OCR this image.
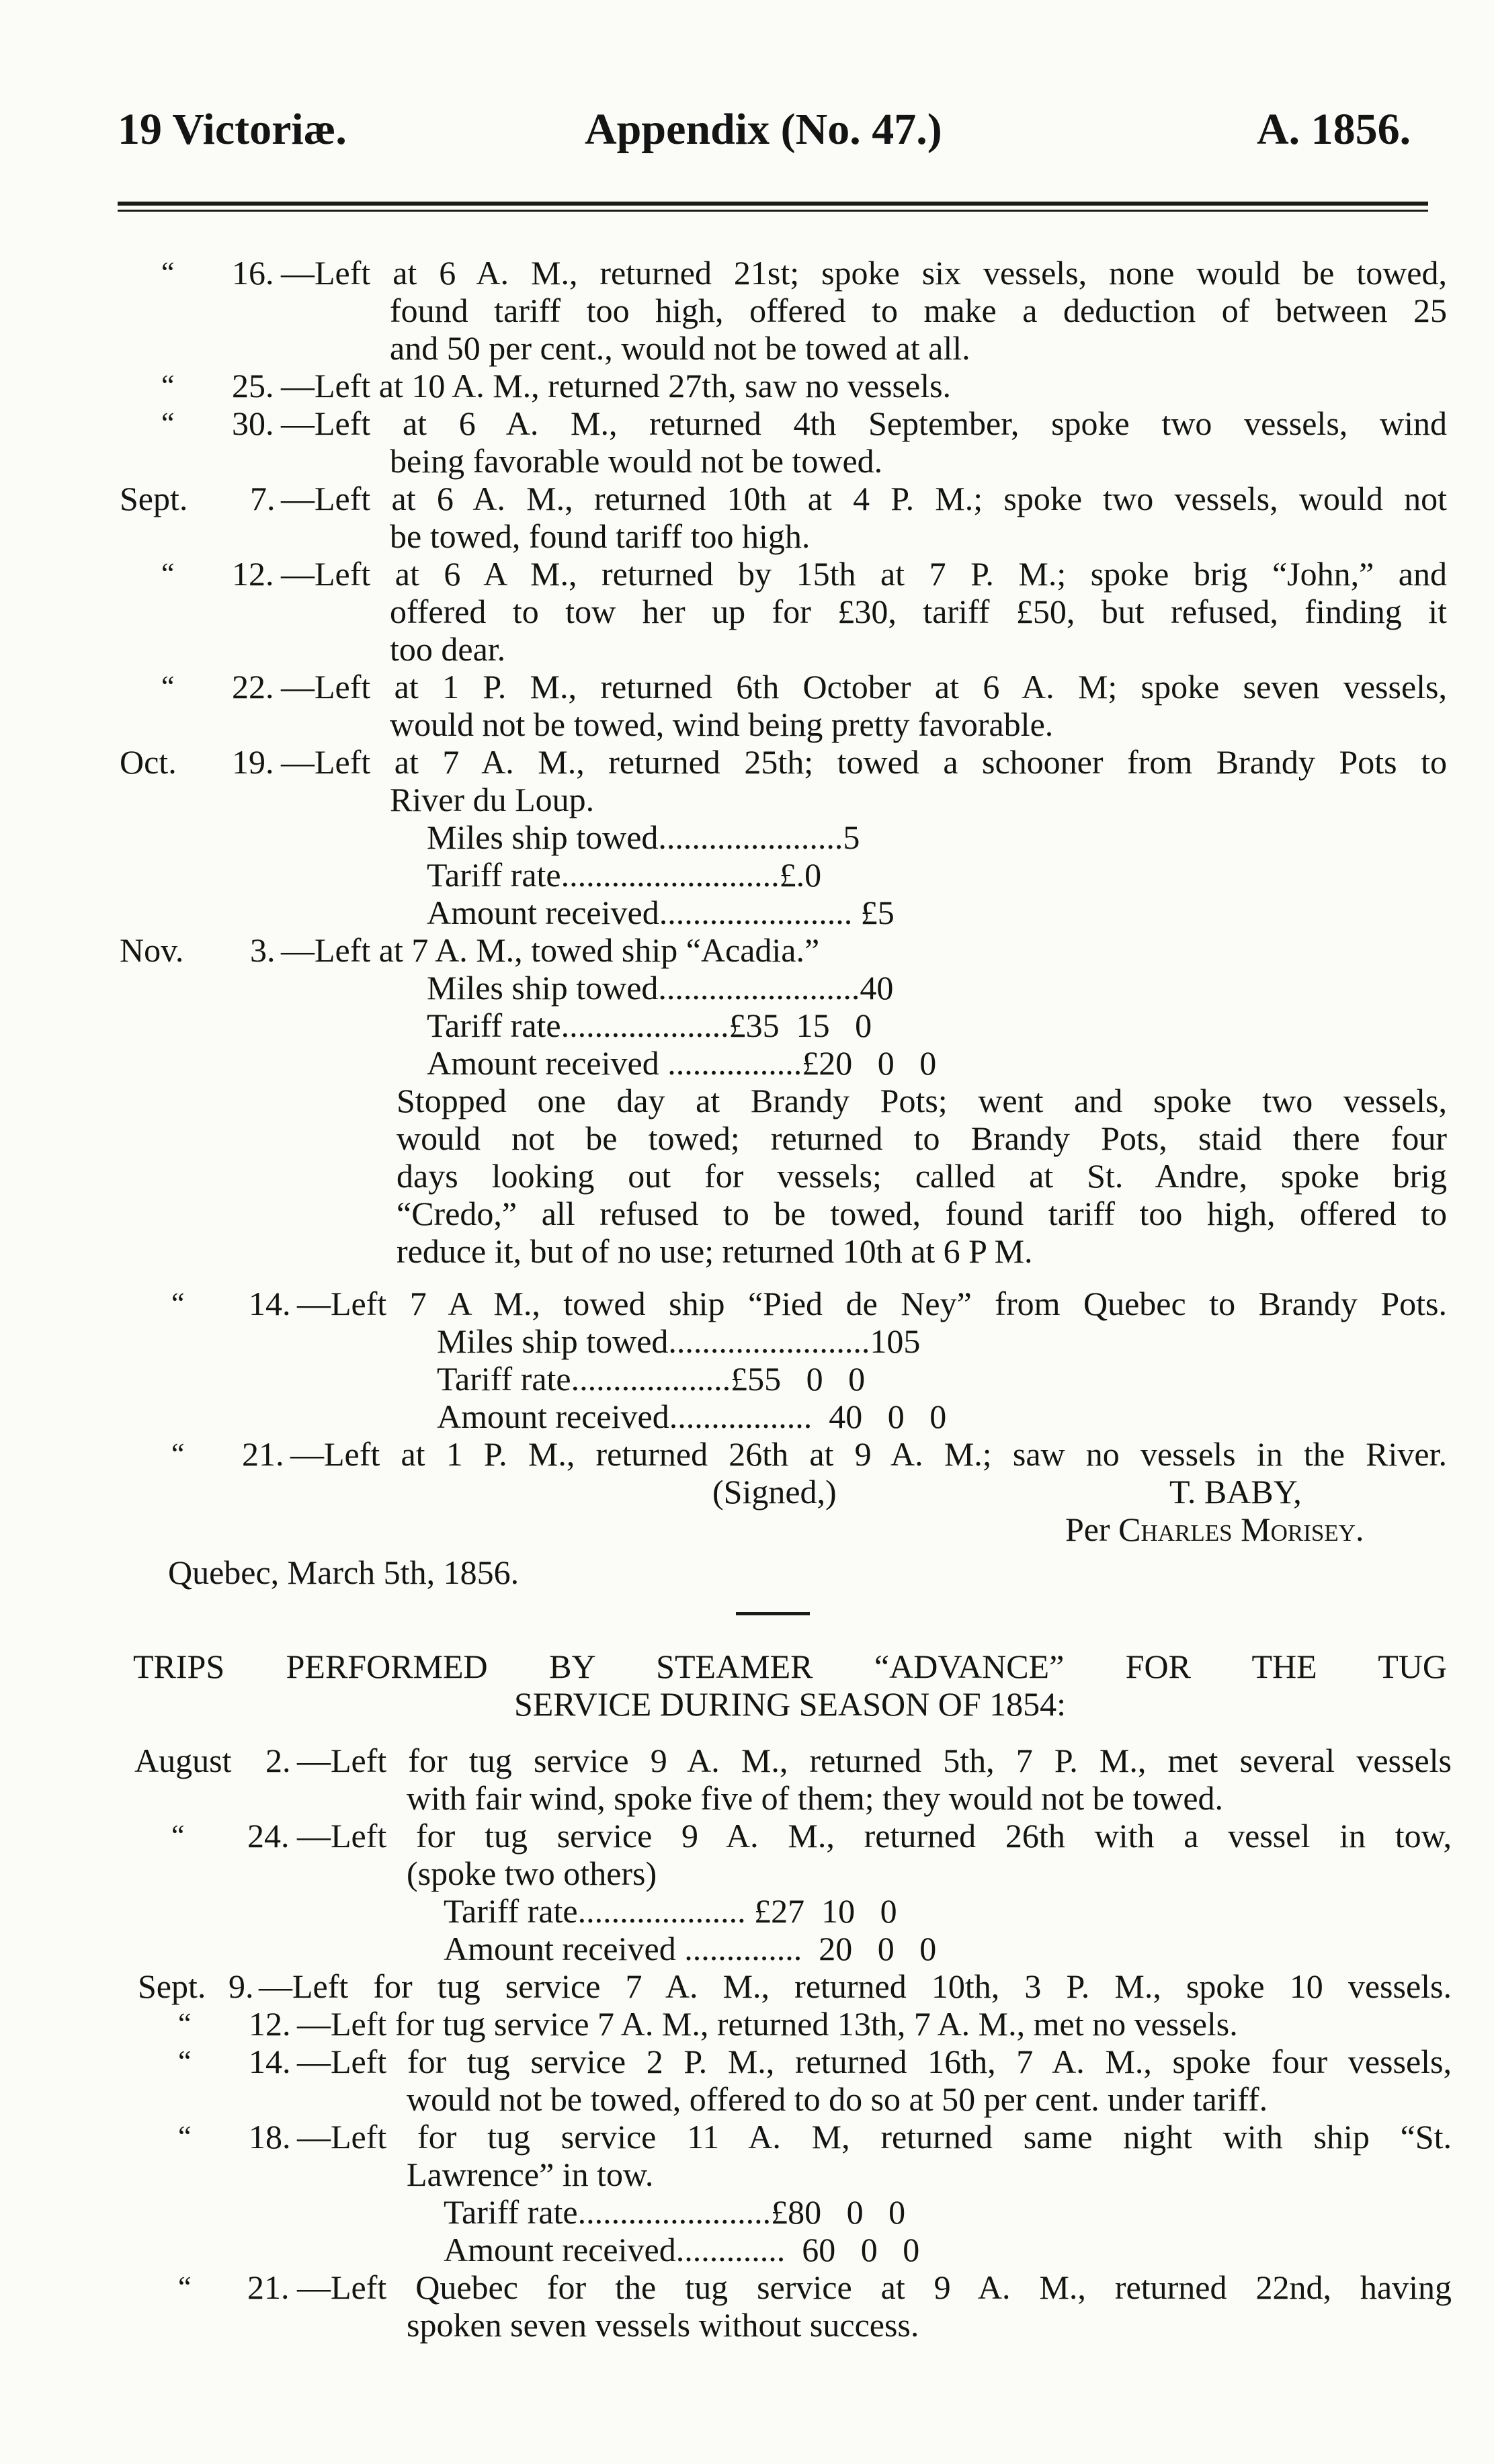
19 Victoriæ.	Appendix (No. 47.)	A. 1856.
“ 16. —Left at 6 A. M., returned 21st; spoke six vessels, none would be towed,
found tariff too high, offered to make a deduction of between 25
and 50 per cent., would not be towed at all.
“ 25. —Left at 10 A. M., returned 27th, saw no vessels.
“ 30. —Left at 6 A. M., returned 4th September, spoke two vessels, wind
being favorable would not be towed.
Sept. 7. —Left at 6 A. M., returned 10th at 4 P. M.; spoke two vessels, would not
be towed, found tariff too high.
“ 12. —Left at 6 A M., returned by 15th at 7 P. M.; spoke brig “John,” and
offered to tow her up for £30, tariff £50, but refused, finding it
too dear.
“ 22. —Left at 1 P. M., returned 6th October at 6 A. M; spoke seven vessels,
would not be towed, wind being pretty favorable.
Oct. 19. —Left at 7 A. M., returned 25th; towed a schooner from Brandy Pots to
River du Loup.
Miles ship towed......................5
Tariff rate..........................£.0
Amount received....................... £5
Nov. 3. —Left at 7 A. M., towed ship “Acadia.”
Miles ship towed........................40
Tariff rate....................£35  15   0
Amount received ................£20   0   0
Stopped one day at Brandy Pots; went and spoke two vessels,
would not be towed; returned to Brandy Pots, staid there four
days looking out for vessels; called at St. Andre, spoke brig
“Credo,” all refused to be towed, found tariff too high, offered to
reduce it, but of no use; returned 10th at 6 P M.
“ 14. —Left 7 A M., towed ship “Pied de Ney” from Quebec to Brandy Pots.
Miles ship towed........................105
Tariff rate...................£55   0   0
Amount received.................  40   0   0
“ 21. —Left at 1 P. M., returned 26th at 9 A. M.; saw no vessels in the River.
(Signed,)	T. BABY,
Per Charles Morisey.
Quebec, March 5th, 1856.
TRIPS PERFORMED BY STEAMER “ADVANCE” FOR THE TUG
SERVICE DURING SEASON OF 1854:
August 2. —Left for tug service 9 A. M., returned 5th, 7 P. M., met several vessels
with fair wind, spoke five of them; they would not be towed.
“ 24. —Left for tug service 9 A. M., returned 26th with a vessel in tow,
(spoke two others)
Tariff rate.................... £27  10   0
Amount received ..............  20   0   0
Sept. 9. —Left for tug service 7 A. M., returned 10th, 3 P. M., spoke 10 vessels.
“ 12. —Left for tug service 7 A. M., returned 13th, 7 A. M., met no vessels.
“ 14. —Left for tug service 2 P. M., returned 16th, 7 A. M., spoke four vessels,
would not be towed, offered to do so at 50 per cent. under tariff.
“ 18. —Left for tug service 11 A. M, returned same night with ship “St.
Lawrence” in tow.
Tariff rate.......................£80   0   0
Amount received.............  60   0   0
“ 21. —Left Quebec for the tug service at 9 A. M., returned 22nd, having
spoken seven vessels without success.
